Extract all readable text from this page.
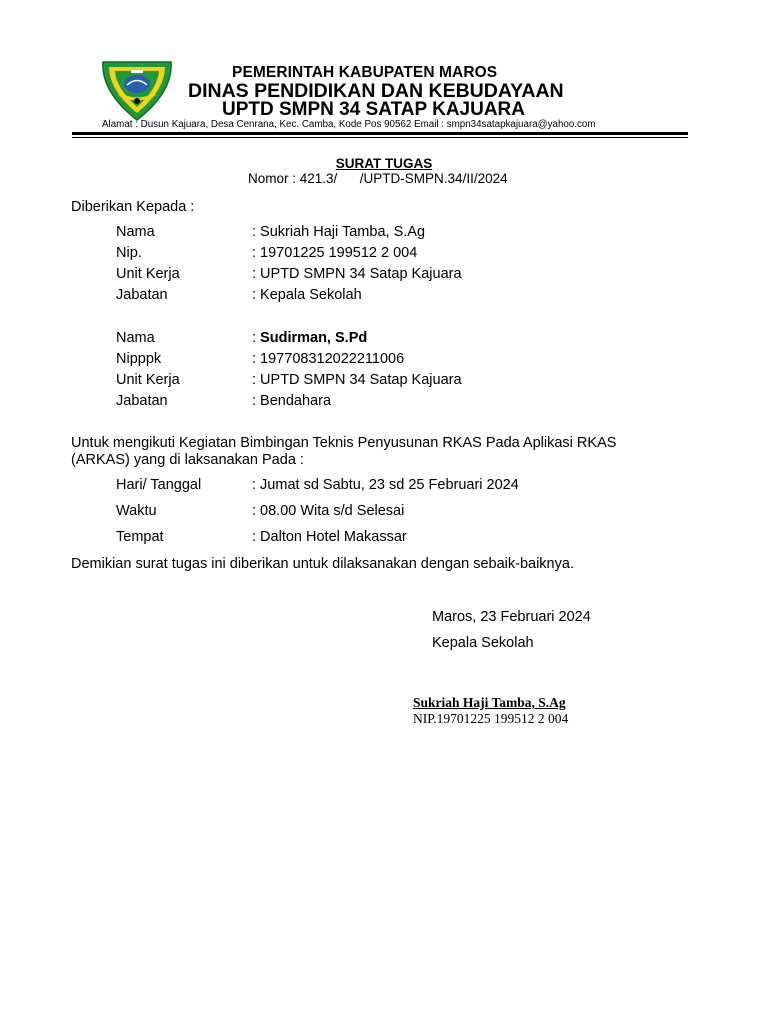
PEMERINTAH KABUPATEN MAROS
DINAS PENDIDIKAN DAN KEBUDAYAAN
UPTD SMPN 34 SATAP KAJUARA
Alamat : Dusun Kajuara, Desa Cenrana, Kec. Camba, Kode Pos 90562 Email : smpn34satapkajuara@yahoo.com
SURAT TUGAS
Nomor : 421.3/      /UPTD-SMPN.34/II/2024
Diberikan Kepada :
Nama	: Sukriah Haji Tamba, S.Ag
Nip.	: 19701225 199512 2 004
Unit Kerja	: UPTD SMPN 34 Satap Kajuara
Jabatan	: Kepala Sekolah
Nama	: Sudirman, S.Pd
Nipppk	: 197708312022211006
Unit Kerja	: UPTD SMPN 34 Satap Kajuara
Jabatan	: Bendahara
Untuk mengikuti Kegiatan Bimbingan Teknis Penyusunan RKAS Pada Aplikasi RKAS
(ARKAS) yang di laksanakan Pada :
Hari/ Tanggal	: Jumat sd Sabtu, 23 sd 25 Februari 2024
Waktu	: 08.00 Wita s/d Selesai
Tempat	: Dalton Hotel Makassar
Demikian surat tugas ini diberikan untuk dilaksanakan dengan sebaik-baiknya.
Maros, 23 Februari 2024
Kepala Sekolah
Sukriah Haji Tamba, S.Ag
NIP.19701225 199512 2 004
